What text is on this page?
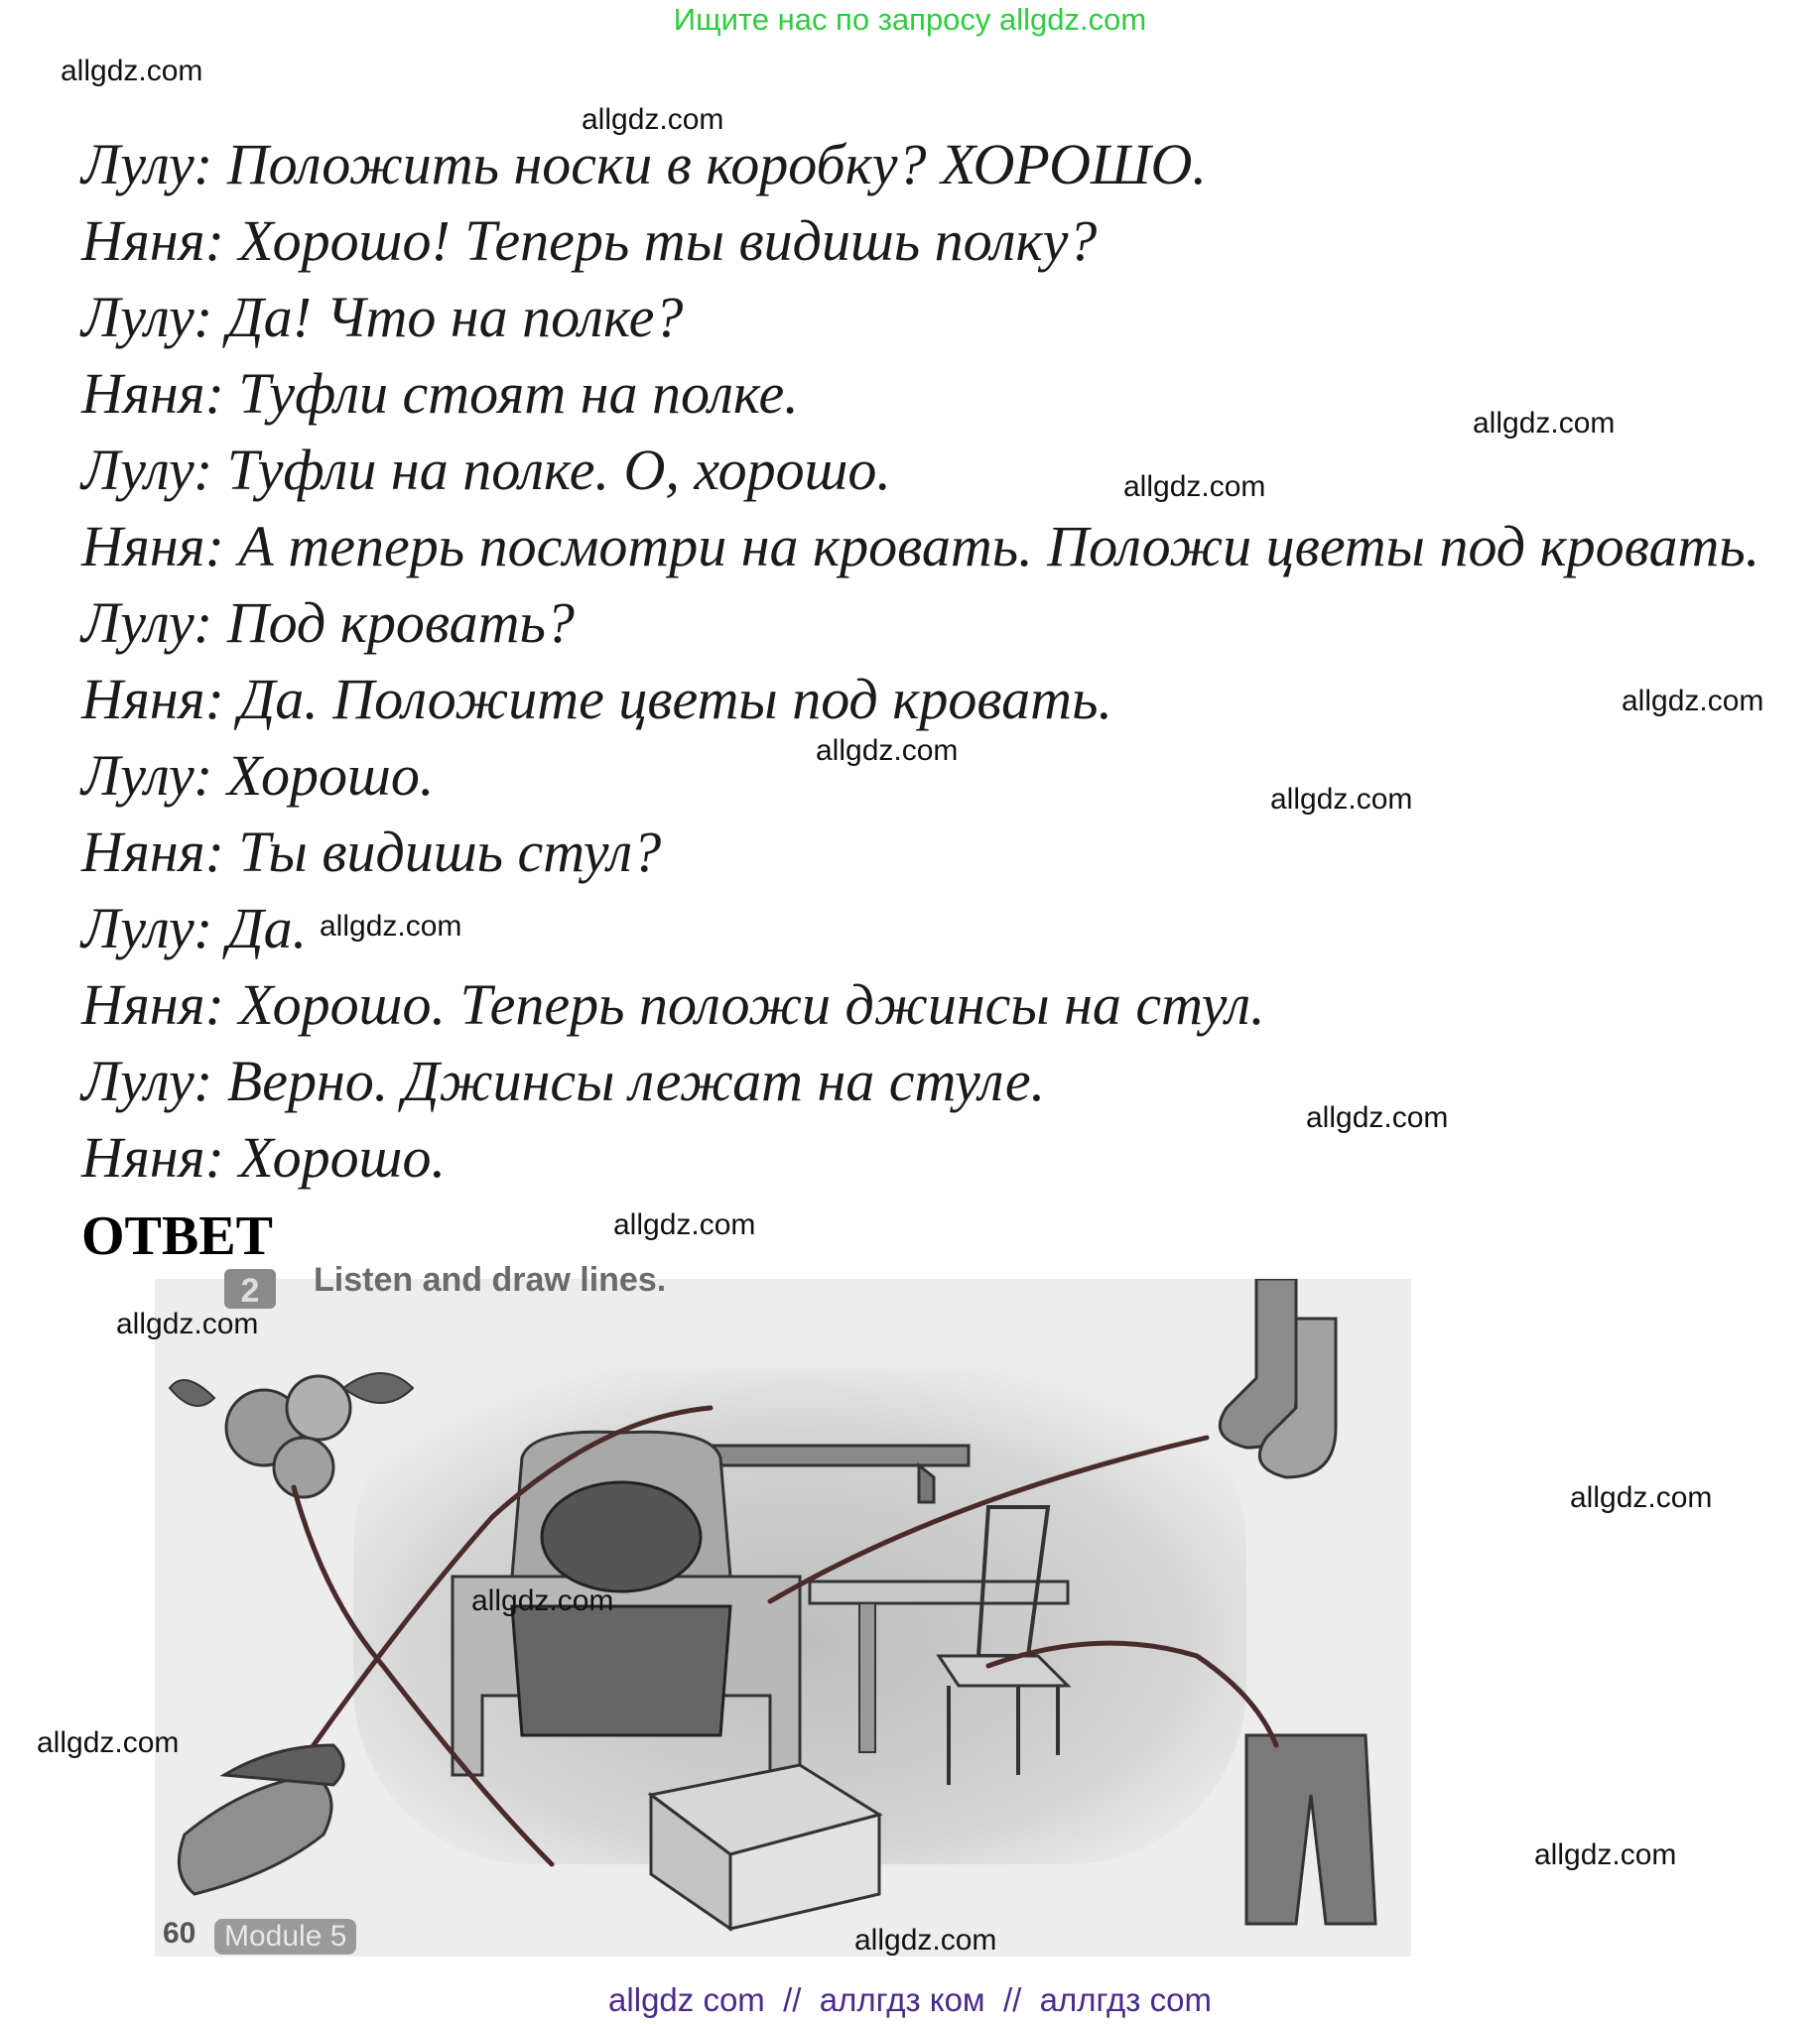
Ищите нас по запросу allgdz.com
Лулу: Положить носки в коробку? ХОРОШО.
Няня: Хорошо! Теперь ты видишь полку?
Лулу: Да! Что на полке?
Няня: Туфли стоят на полке.
Лулу: Туфли на полке. О, хорошо.
Няня: А теперь посмотри на кровать. Положи цветы под кровать.
Лулу: Под кровать?
Няня: Да. Положите цветы под кровать.
Лулу: Хорошо.
Няня: Ты видишь стул?
Лулу: Да.
Няня: Хорошо. Теперь положи джинсы на стул.
Лулу: Верно. Джинсы лежат на стуле.
Няня: Хорошо.
ОТВЕТ
2	Listen and draw lines.
60 Module 5
allgdz.com
allgdz.com
allgdz.com
allgdz.com
allgdz.com
allgdz.com
allgdz.com
allgdz.com
allgdz.com
allgdz.com
allgdz.com
allgdz.com
allgdz.com
allgdz.com
allgdz.com
allgdz.com
allgdz com  //  аллгдз ком  //  аллгдз com
